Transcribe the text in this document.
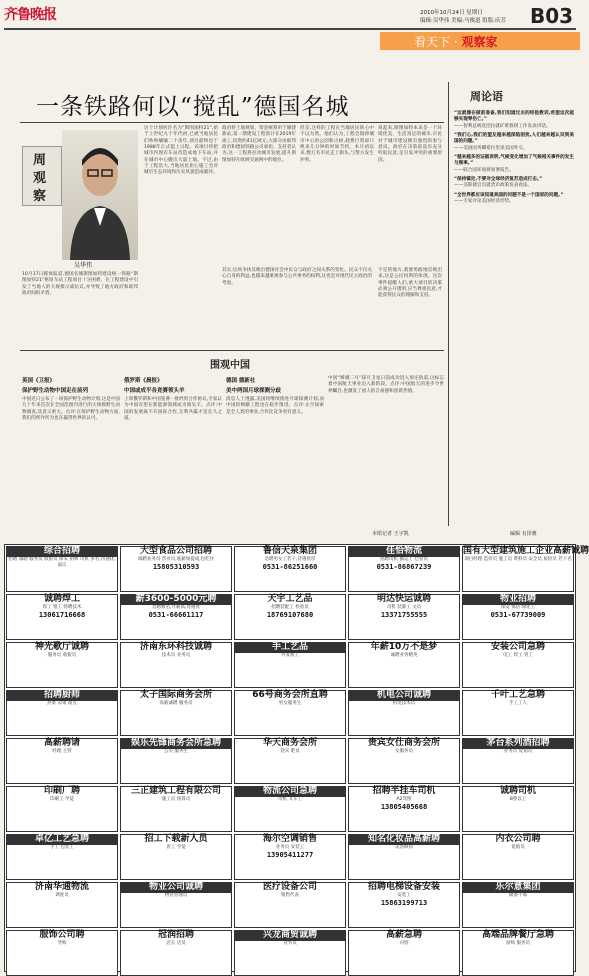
齐鲁晚报	2010年10月24日 星期日
编辑:吴华伟 美编:马俊道 组版:庆芳 B03
看天下 · 观察家
一条铁路何以“搅乱”德国名城
周
观
察
吴华伟
10月17日媒体报道,德国名城斯图加特建设统一铁路“斯图加特21”枢纽车站工程项目十分困难。在工程建设中引发了当地人的大规模示威抗议,并导致了地方政府和联邦政府间的矛盾。
这个计划何许名为“斯图加特21”,始于上世纪九十年代初,已被当地居民们吵吵嚷嚷二十余年,项目最终也于1988年正式提上日程。该项目将把城市内现有车站改造成地下车站,并在城市中心腾出大量土地。不过,由于工程浩大,当地居民担心施工会对城市生态环境和历史风貌造成破坏。
政府将土地规划、资金统筹用于修建新站,第一期建设工程预计在2019年竣工,投资约41亿欧元,大部分由联邦政府和德国铁路公司承担。支持者认为,这一工程将拉动城市发展,提升斯图加特在欧洲交通网中的地位。
但是,这样的工程在当地居民的心中不以为然。他们认为,工程会毁掉城市中心的公园和古树,耗费巨资却只换来几分钟的时间节约。本月初以来,数万名市民走上街头,与警方发生冲突。
说起来,斯图加特本来是一个环境优美、生活富足的城市,市民对于城市建设拥有强烈的参与意识。政府在决策前没有充分听取民意,是引发冲突的重要原因。
其实,这场争执反映出德国社会中民众与政府之间关系的变化。民众不仅关心自身的利益,也越来越重视参与公共事务的权利,这也是对现代民主政治的考验。
不是的地方,就要勇敢地反映出来,这是公民权利的体现。这次事件提醒人们,重大项目的决策必须公开透明,应当尊重民意,才能获得民众的理解和支持。
周论语
“这就像在做前准备,我们知道过去的经验教训,希望这次能够实现零伤亡。”
——智利总统皮涅拉就矿难救援工作发表讲话。
“我们心,我们的盟友越来越深陷困扰,人们越来越认识到美国的问题。”
——美国国务卿希拉里谈美国外交。
“越来越多的证据表明,气候变化增加了气候相关事件的发生与频率。”
——联合国环境规划署报告。
“保持镇定,不要对全球经济复苏造成打击。”
——美联储官员就货币政策发表看法。
“全世界都应该知道美国的问题不是一个国家的问题。”
——专家评论美国经济形势。
围观中国
英国《卫报》
保护野生动物中国走在前列
中国近日公布了一项保护野生动物计划,这是中国几十年来首次在全国范围内进行的大规模野生动物调查,其意义重大。点评:在保护野生动物方面,我们的所作所为也在赢得世界的认可。
俄罗斯《晨报》
中国或成平各竞赛领头羊
上周俄罗斯和中国签署一批经贸合作协议,专家认为中国有望在新能源领域成为领头羊。点评:中国的发展离不开国际合作,互利共赢才是长久之道。
德国 德新社
美中两国月球探测分歧
消息人士透露,美国将继续推进月球探测计划,而中国的嫦娥工程也在稳步推进。点评:太空探索是全人类的事业,合作比竞争更有意义。
中国“嫦娥二号”探月卫星日前成功进入预定轨道,这标志着中国航天事业迈入新阶段。点评:中国航天的进步令世界瞩目,也激发了国人的自豪感和创新热情。
本组记者 王宇凯	编辑 有泽雅
综合招聘
招聘 诚聘 服务员 收银员 保安 厨师 司机 多名,待遇优,面议
大型食品公司招聘
诚聘业务员 营业员,底薪加提成,包吃住
15805310593
鲁信天泉集团
急聘男女工若干,待遇优厚
0531-86251660
佳恰物流
招聘司机 搬运工 仓管员
0531-86867239
国有大型建筑施工企业高薪诚聘
项目经理 造价员 施工员 资料员 安全员 质检员 若干名
诚聘焊工
焊工 钳工 特聘技术
13061716668
薪3600-5000元聘
急聘数名,月薪高,待遇优
0531-66661117
天宇工艺品
招聘装配工 检验员
18769107680
明达快运诚聘
司机 装卸工 文员
13371755555
物业招聘
保安 保洁 绿化工
0531-67739009
神光歌厅诚聘
服务员 收银员
济南东环科技诚聘
技术员 业务员
手工艺品
外发加工
年薪10万不是梦
诚聘业务精英
安装公司急聘
电工 焊工 管工
招聘厨师
热菜 凉菜 面点
太子国际商务会所
高薪诚聘 服务员
66号商务会所直聘
男女服务生
机电公司诚聘
机电技术员
千叶工艺急聘
手工工人
高薪聘请
经理 主管
娱乐先锋商务会所急聘
公关 服务生
华天商务会所
迎宾 吧员
贵宾女仕商务会所
女服务员
茅台系列酒招聘
业务员 促销员
印刷厂聘
印刷工 学徒
三正建筑工程有限公司
施工员 预算员
物流公司急聘
司机 叉车工
招聘半挂车司机
A2驾照
13805405668
诚聘司机
B照以上
卓亿工艺急聘
手工 包装工
招工下载新人员
普工 学徒
海尔空调销售
业务员 安装工
13905411277
知名化妆品高薪聘
美容顾问
内衣公司聘
促销员
济南华通物流
调度员
物业公司诚聘
物业管理员
医疗设备公司
销售代表
招聘电梯设备安装
安装工
15863199713
乐尔意集团
储备干部
服饰公司聘
导购
冠润招聘
店长 店员
兴龙商贸诚聘
业务员
高薪急聘
司机
高端品牌餐厅急聘
厨师 服务员
